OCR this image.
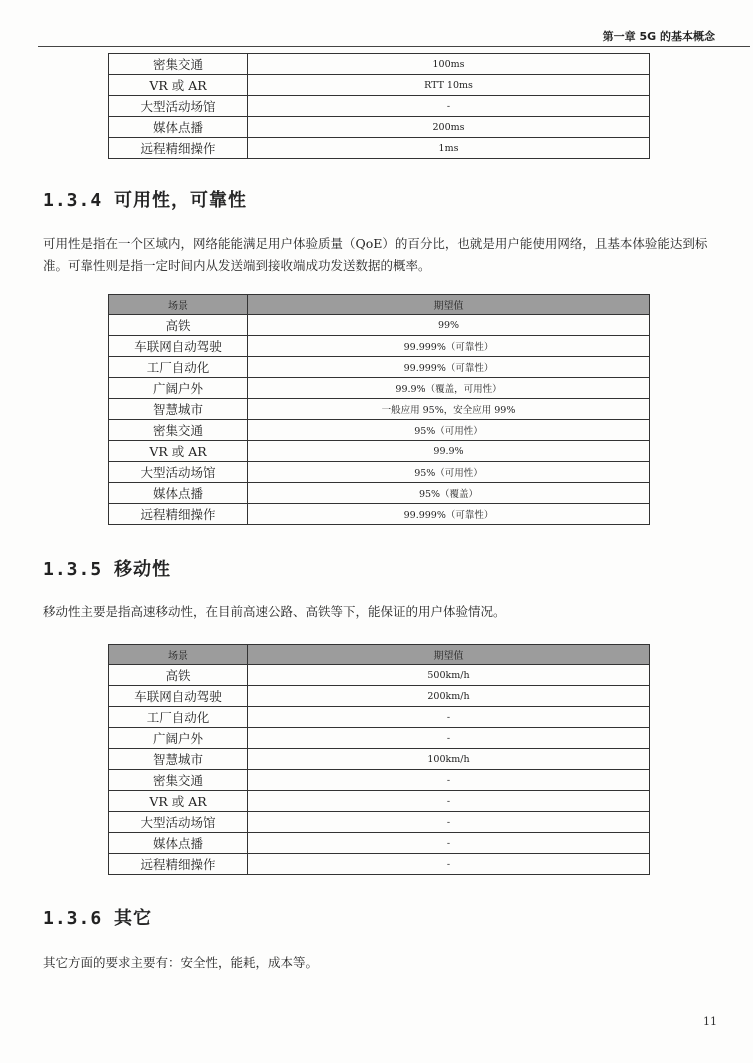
第一章 5G 的基本概念
密集交通	100ms
VR 或 AR	RTT 10ms
大型活动场馆	-
媒体点播	200ms
远程精细操作	1ms
1.3.4 可用性，可靠性
可用性是指在一个区域内，网络能能满足用户体验质量（QoE）的百分比，也就是用户能使用网络，且基本体验能达到标准。可靠性则是指一定时间内从发送端到接收端成功发送数据的概率。
场景	期望值
高铁	99%
车联网自动驾驶	99.999%（可靠性）
工厂自动化	99.999%（可靠性）
广阔户外	99.9%（覆盖，可用性）
智慧城市	一般应用 95%，安全应用 99%
密集交通	95%（可用性）
VR 或 AR	99.9%
大型活动场馆	95%（可用性）
媒体点播	95%（覆盖）
远程精细操作	99.999%（可靠性）
1.3.5 移动性
移动性主要是指高速移动性，在目前高速公路、高铁等下，能保证的用户体验情况。
场景	期望值
高铁	500km/h
车联网自动驾驶	200km/h
工厂自动化	-
广阔户外	-
智慧城市	100km/h
密集交通	-
VR 或 AR	-
大型活动场馆	-
媒体点播	-
远程精细操作	-
1.3.6 其它
其它方面的要求主要有：安全性，能耗，成本等。
11
